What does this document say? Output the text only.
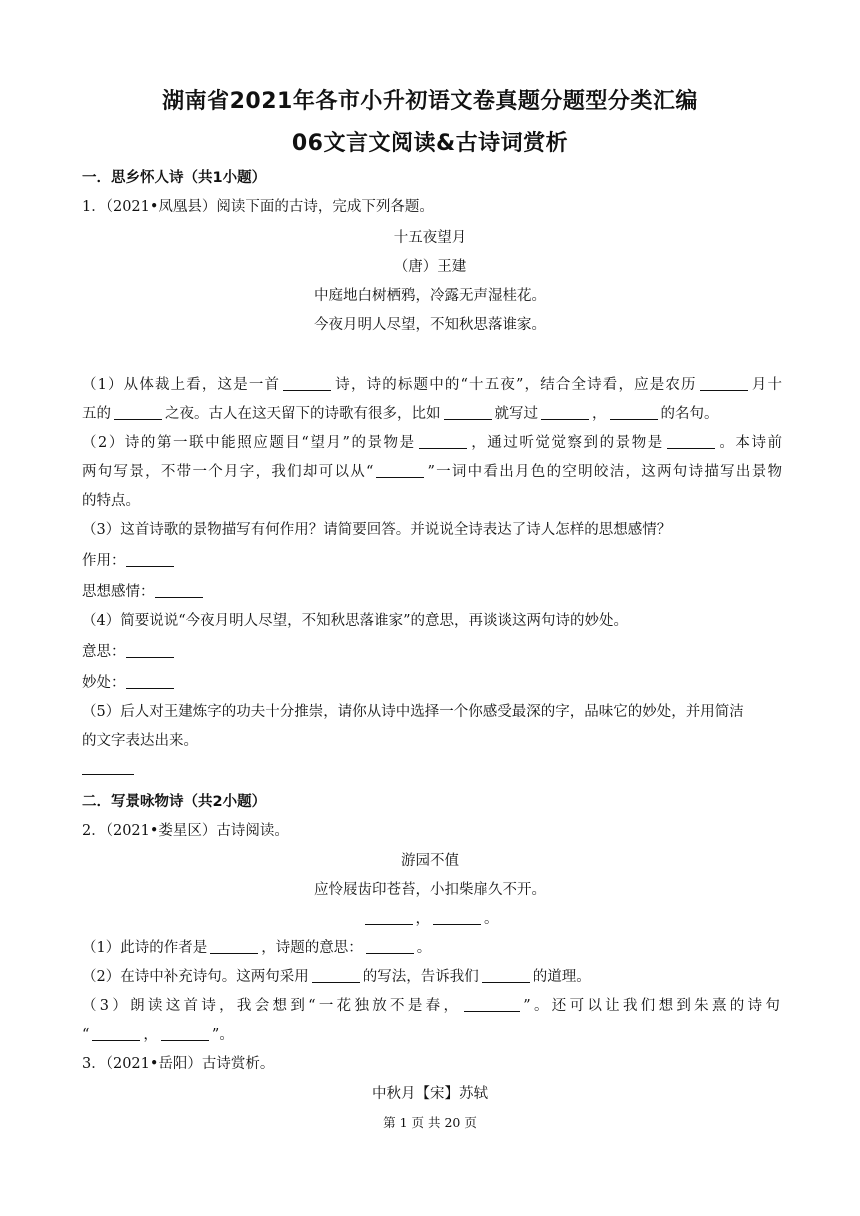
湖南省2021年各市小升初语文卷真题分题型分类汇编
06文言文阅读&古诗词赏析
一．思乡怀人诗（共1小题）
1．（2021•凤凰县）阅读下面的古诗，完成下列各题。
十五夜望月
（唐）王建
中庭地白树栖鸦，冷露无声湿桂花。
今夜月明人尽望，不知秋思落谁家。
（1）从体裁上看，这是一首	诗，诗的标题中的“十五夜”，结合全诗看，应是农历	月十
五的	之夜。古人在这天留下的诗歌有很多，比如	就写过	，	的名句。
（2）诗的第一联中能照应题目“望月”的景物是	，通过听觉觉察到的景物是	。本诗前
两句写景，不带一个月字，我们却可以从“	”一词中看出月色的空明皎洁，这两句诗描写出景物
的特点。
（3）这首诗歌的景物描写有何作用？请简要回答。并说说全诗表达了诗人怎样的思想感情？
作用：
思想感情：
（4）简要说说“今夜月明人尽望，不知秋思落谁家”的意思，再谈谈这两句诗的妙处。
意思：
妙处：
（5）后人对王建炼字的功夫十分推崇，请你从诗中选择一个你感受最深的字，品味它的妙处，并用简洁
的文字表达出来。
二．写景咏物诗（共2小题）
2．（2021•娄星区）古诗阅读。
游园不值
应怜屐齿印苍苔，小扣柴扉久不开。
，	。
（1）此诗的作者是	，诗题的意思：	。
（2）在诗中补充诗句。这两句采用	的写法，告诉我们	的道理。
（3）朗读这首诗，我会想到“一花独放不是春，	”。还可以让我们想到朱熹的诗句
“	，	”。
3．（2021•岳阳）古诗赏析。
中秋月【宋】苏轼
第 1 页 共 20 页
